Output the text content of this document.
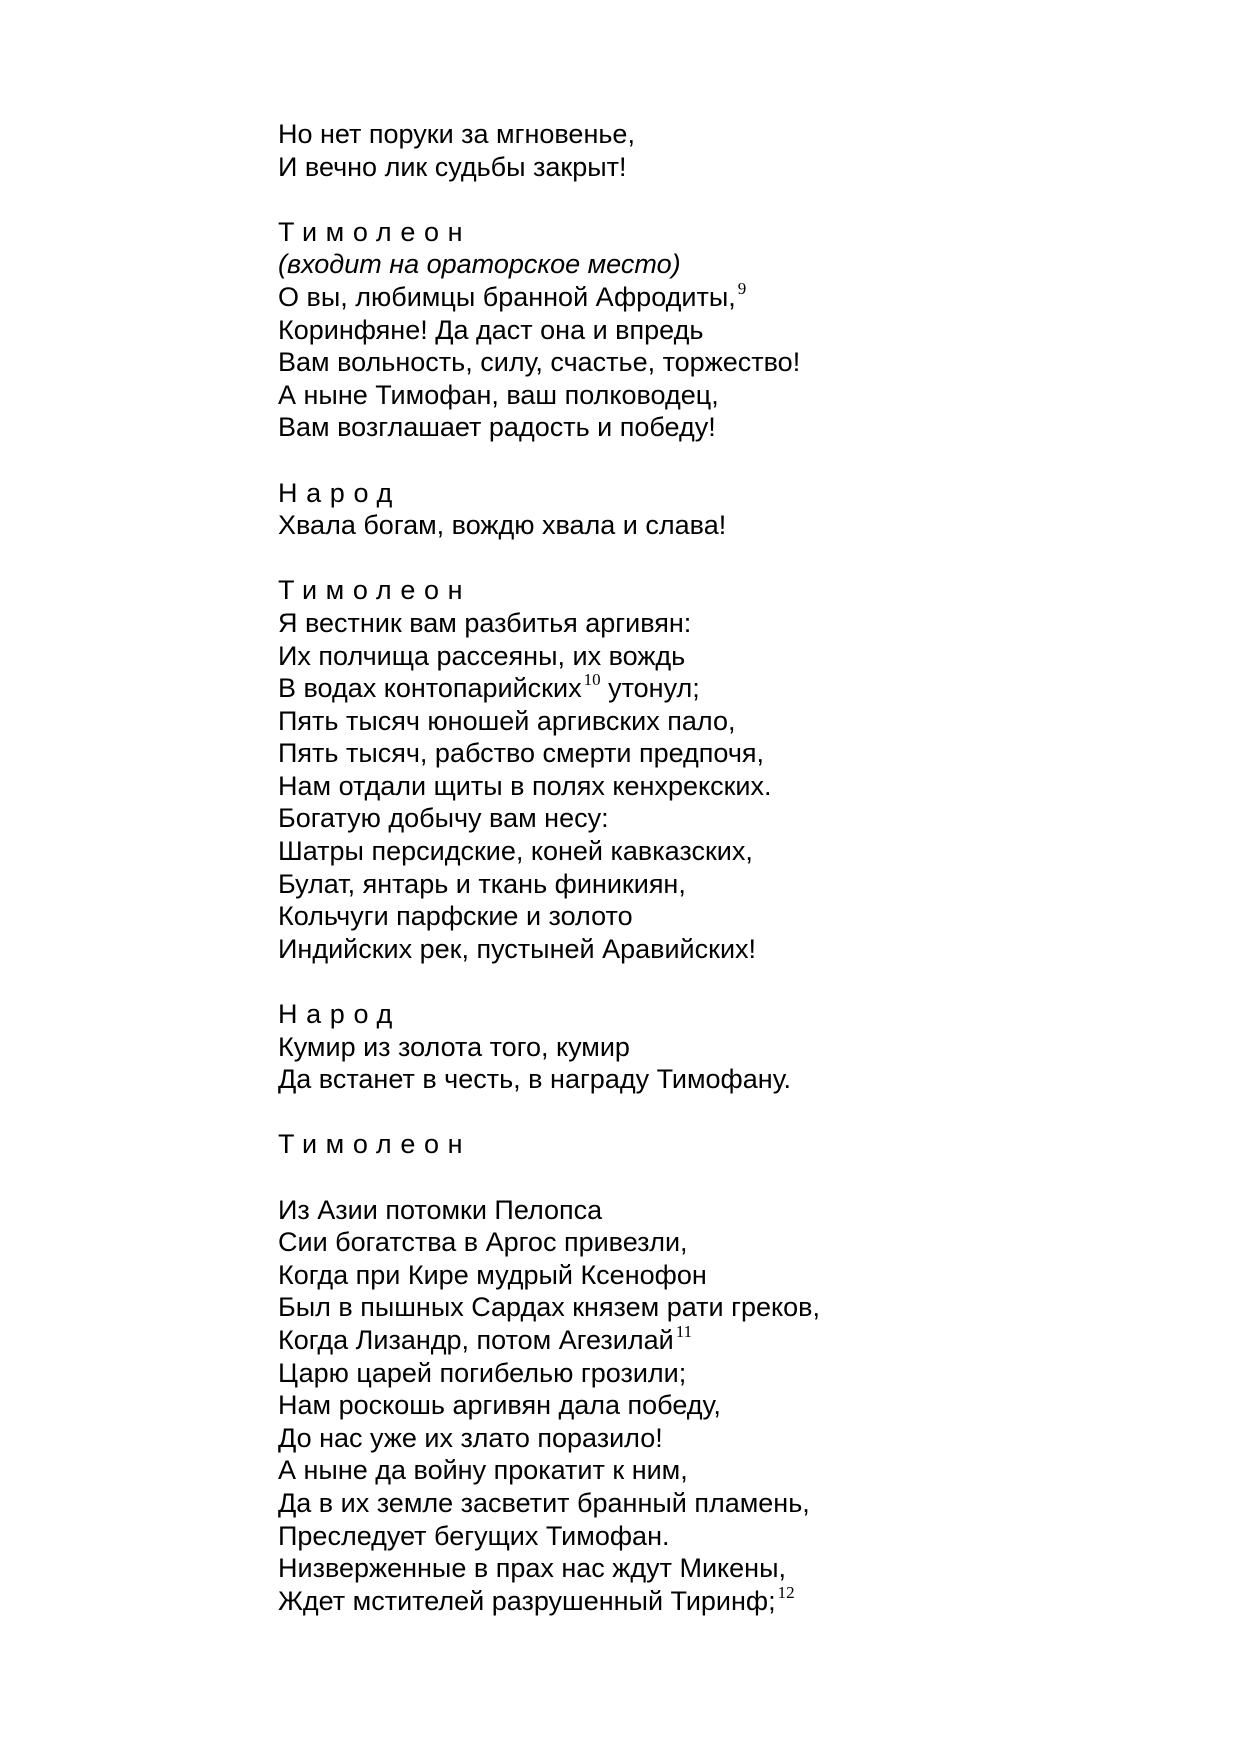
Но нет поруки за мгновенье,
И вечно лик судьбы закрыт!
Тимолеон
(входит на ораторское место)
О вы, любимцы бранной Афродиты, $^9$
Коринфяне! Да даст она и впредь
Вам вольность, силу, счастье, торжество!
А ныне Тимофан, ваш полководец,
Вам возглашает радость и победу!
Народ
Хвала богам, вождю хвала и слава!
Тимолеон
Я вестник вам разбитья аргивян:
Их полчища рассеяны, их вождь
В водах контопарийских $^{10}$ утонул;
Пять тысяч юношей аргивских пало,
Пять тысяч, рабство смерти предпочя,
Нам отдали щиты в полях кенхрекских.
Богатую добычу вам несу:
Шатры персидские, коней кавказских,
Булат, янтарь и ткань финикиян,
Кольчуги парфские и золото
Индийских рек, пустыней Аравийских!
Народ
Кумир из золота того, кумир
Да встанет в честь, в награду Тимофану.
Тимолеон
Из Азии потомки Пелопса
Сии богатства в Аргос привезли,
Когда при Кире мудрый Ксенофон
Был в пышных Сардах князем рати греков,
Когда Лизандр, потом Агезилай $^{11}$
Царю царей погибелью грозили;
Нам роскошь аргивян дала победу,
До нас уже их злато поразило!
А ныне да войну прокатит к ним,
Да в их земле засветит бранный пламень,
Преследует бегущих Тимофан.
Низверженные в прах нас ждут Микены,
Ждет мстителей разрушенный Тиринф; $^{12}$
